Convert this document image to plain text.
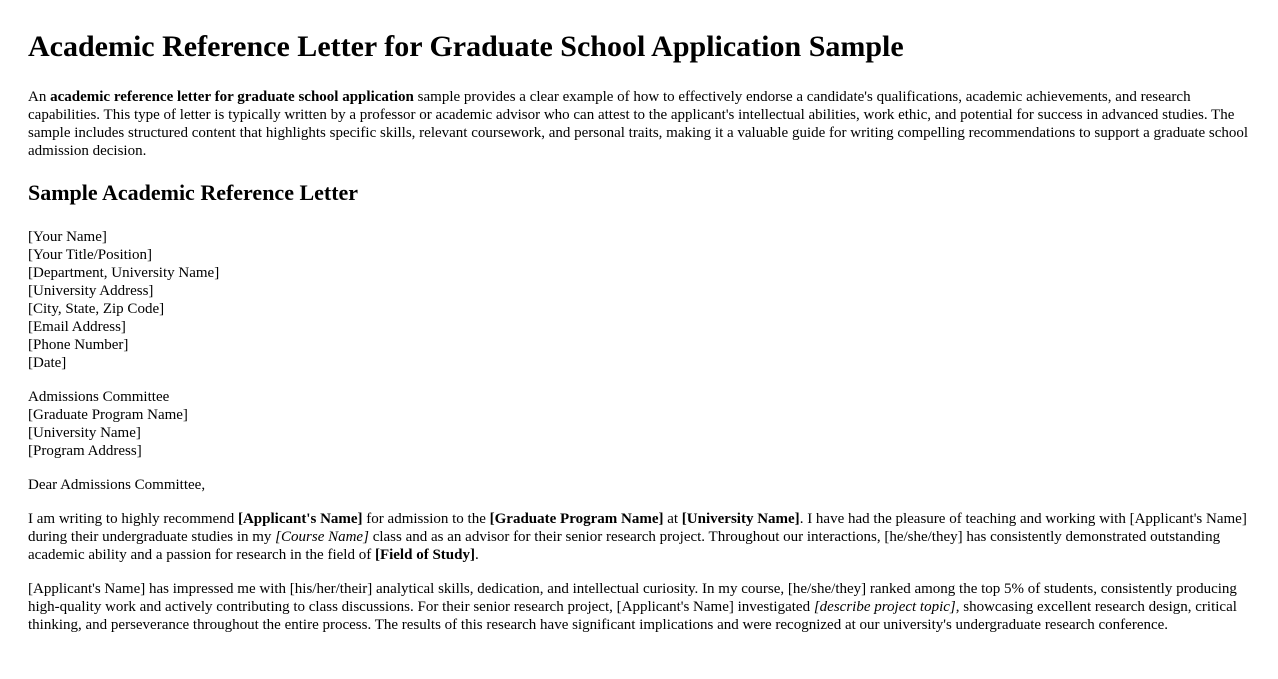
Academic Reference Letter for Graduate School Application Sample

An academic reference letter for graduate school application sample provides a clear example of how to effectively endorse a candidate's qualifications, academic achievements, and research capabilities. This type of letter is typically written by a professor or academic advisor who can attest to the applicant's intellectual abilities, work ethic, and potential for success in advanced studies. The sample includes structured content that highlights specific skills, relevant coursework, and personal traits, making it a valuable guide for writing compelling recommendations to support a graduate school admission decision.

Sample Academic Reference Letter
[Your Name]
[Your Title/Position]
[Department, University Name]
[University Address]
[City, State, Zip Code]
[Email Address]
[Phone Number]
[Date]
Admissions Committee
[Graduate Program Name]
[University Name]
[Program Address]

Dear Admissions Committee,

I am writing to highly recommend [Applicant's Name] for admission to the [Graduate Program Name] at [University Name]. I have had the pleasure of teaching and working with [Applicant's Name] during their undergraduate studies in my [Course Name] class and as an advisor for their senior research project. Throughout our interactions, [he/she/they] has consistently demonstrated outstanding academic ability and a passion for research in the field of [Field of Study].

[Applicant's Name] has impressed me with [his/her/their] analytical skills, dedication, and intellectual curiosity. In my course, [he/she/they] ranked among the top 5% of students, consistently producing high-quality work and actively contributing to class discussions. For their senior research project, [Applicant's Name] investigated [describe project topic], showcasing excellent research design, critical thinking, and perseverance throughout the entire process. The results of this research have significant implications and were recognized at our university's undergraduate research conference.
